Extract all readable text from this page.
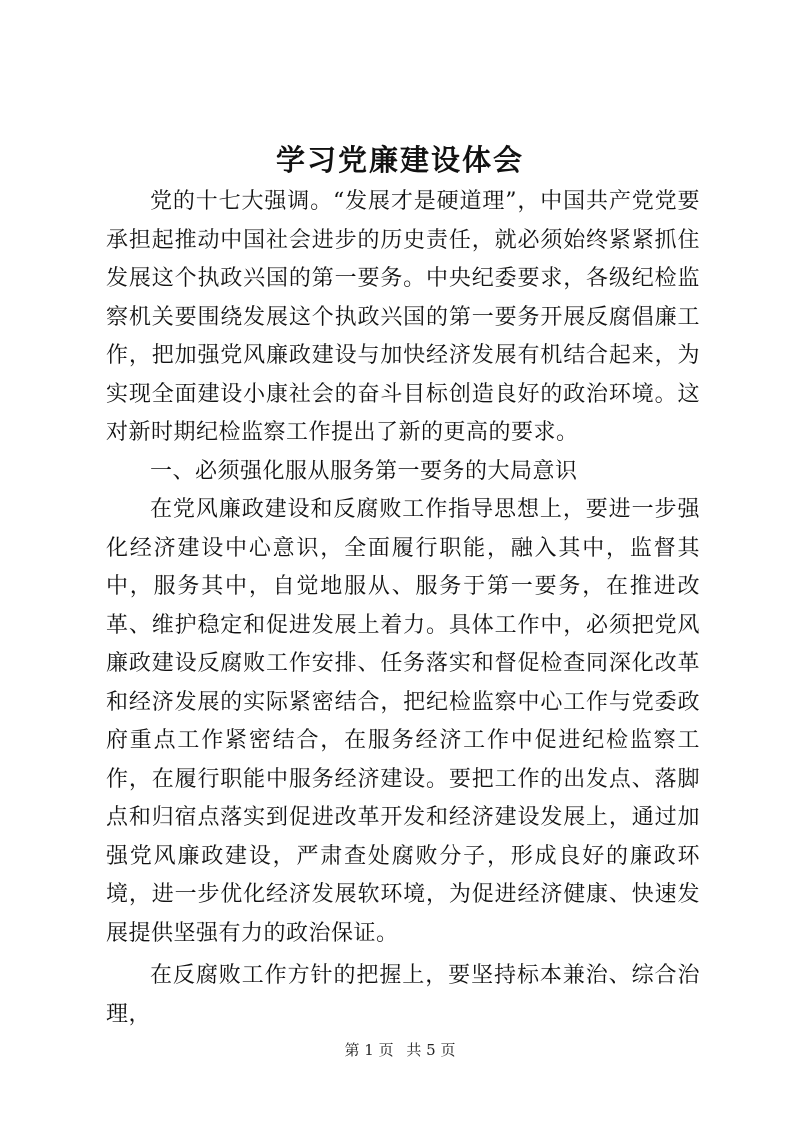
学习党廉建设体会

党的十七大强调。“发展才是硬道理”，中国共产党党要承担起推动中国社会进步的历史责任，就必须始终紧紧抓住发展这个执政兴国的第一要务。中央纪委要求，各级纪检监察机关要围绕发展这个执政兴国的第一要务开展反腐倡廉工作，把加强党风廉政建设与加快经济发展有机结合起来，为实现全面建设小康社会的奋斗目标创造良好的政治环境。这对新时期纪检监察工作提出了新的更高的要求。

一、必须强化服从服务第一要务的大局意识

在党风廉政建设和反腐败工作指导思想上，要进一步强化经济建设中心意识，全面履行职能，融入其中，监督其中，服务其中，自觉地服从、服务于第一要务，在推进改革、维护稳定和促进发展上着力。具体工作中，必须把党风廉政建设反腐败工作安排、任务落实和督促检查同深化改革和经济发展的实际紧密结合，把纪检监察中心工作与党委政府重点工作紧密结合，在服务经济工作中促进纪检监察工作，在履行职能中服务经济建设。要把工作的出发点、落脚点和归宿点落实到促进改革开发和经济建设发展上，通过加强党风廉政建设，严肃查处腐败分子，形成良好的廉政环境，进一步优化经济发展软环境，为促进经济健康、快速发展提供坚强有力的政治保证。

在反腐败工作方针的把握上，要坚持标本兼治、综合治理，

第 1 页 共 5 页
